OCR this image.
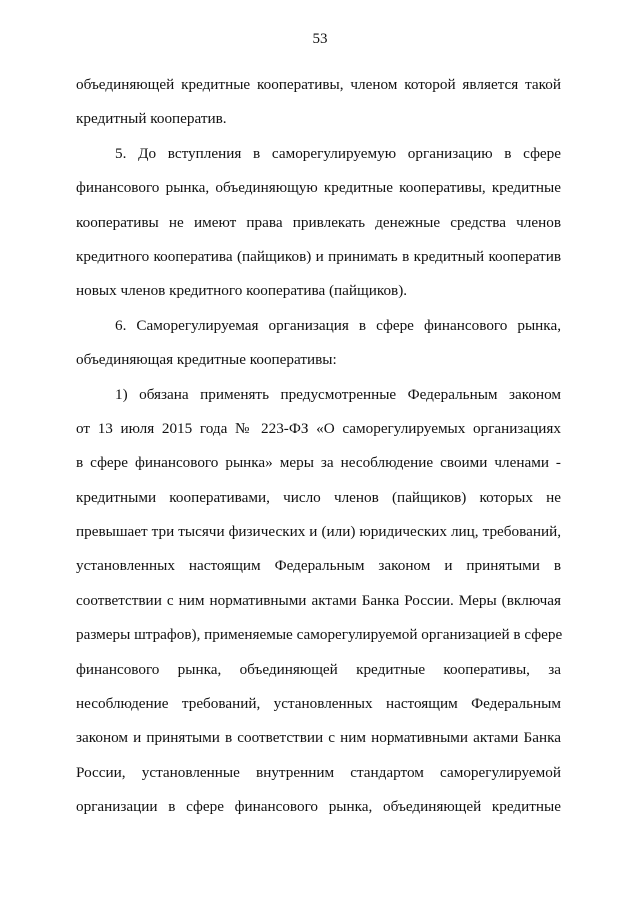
53
объединяющей кредитные кооперативы, членом которой является такой
кредитный кооператив.
5. До вступления в саморегулируемую организацию в сфере
финансового рынка, объединяющую кредитные кооперативы, кредитные
кооперативы не имеют права привлекать денежные средства членов
кредитного кооператива (пайщиков) и принимать в кредитный кооператив
новых членов кредитного кооператива (пайщиков).
6. Саморегулируемая организация в сфере финансового рынка,
объединяющая кредитные кооперативы:
1) обязана применять предусмотренные Федеральным законом
от 13 июля 2015 года № 223-ФЗ «О саморегулируемых организациях
в сфере финансового рынка» меры за несоблюдение своими членами -
кредитными кооперативами, число членов (пайщиков) которых не
превышает три тысячи физических и (или) юридических лиц, требований,
установленных настоящим Федеральным законом и принятыми в
соответствии с ним нормативными актами Банка России. Меры (включая
размеры штрафов), применяемые саморегулируемой организацией в сфере
финансового рынка, объединяющей кредитные кооперативы, за
несоблюдение требований, установленных настоящим Федеральным
законом и принятыми в соответствии с ним нормативными актами Банка
России, установленные внутренним стандартом саморегулируемой
организации в сфере финансового рынка, объединяющей кредитные
